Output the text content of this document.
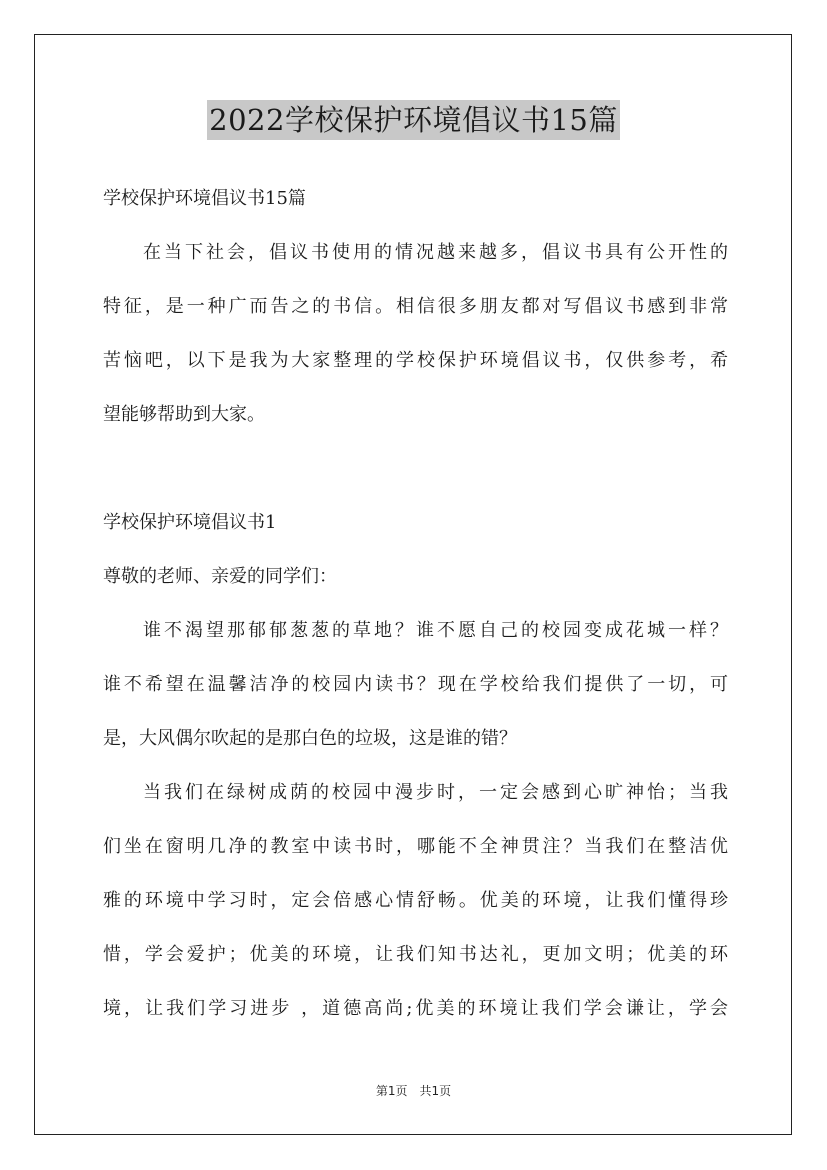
2022学校保护环境倡议书15篇
学校保护环境倡议书15篇
在当下社会，倡议书使用的情况越来越多，倡议书具有公开性的
特征，是一种广而告之的书信。相信很多朋友都对写倡议书感到非常
苦恼吧，以下是我为大家整理的学校保护环境倡议书，仅供参考，希
望能够帮助到大家。
学校保护环境倡议书1
尊敬的老师、亲爱的同学们：
谁不渴望那郁郁葱葱的草地？谁不愿自己的校园变成花城一样？
谁不希望在温馨洁净的校园内读书？现在学校给我们提供了一切，可
是，大风偶尔吹起的是那白色的垃圾，这是谁的错？
当我们在绿树成荫的校园中漫步时，一定会感到心旷神怡；当我
们坐在窗明几净的教室中读书时，哪能不全神贯注？当我们在整洁优
雅的环境中学习时，定会倍感心情舒畅。优美的环境，让我们懂得珍
惜，学会爱护；优美的环境，让我们知书达礼，更加文明；优美的环
境，让我们学习进步 ，道德高尚;优美的环境让我们学会谦让，学会
第1页　共1页
